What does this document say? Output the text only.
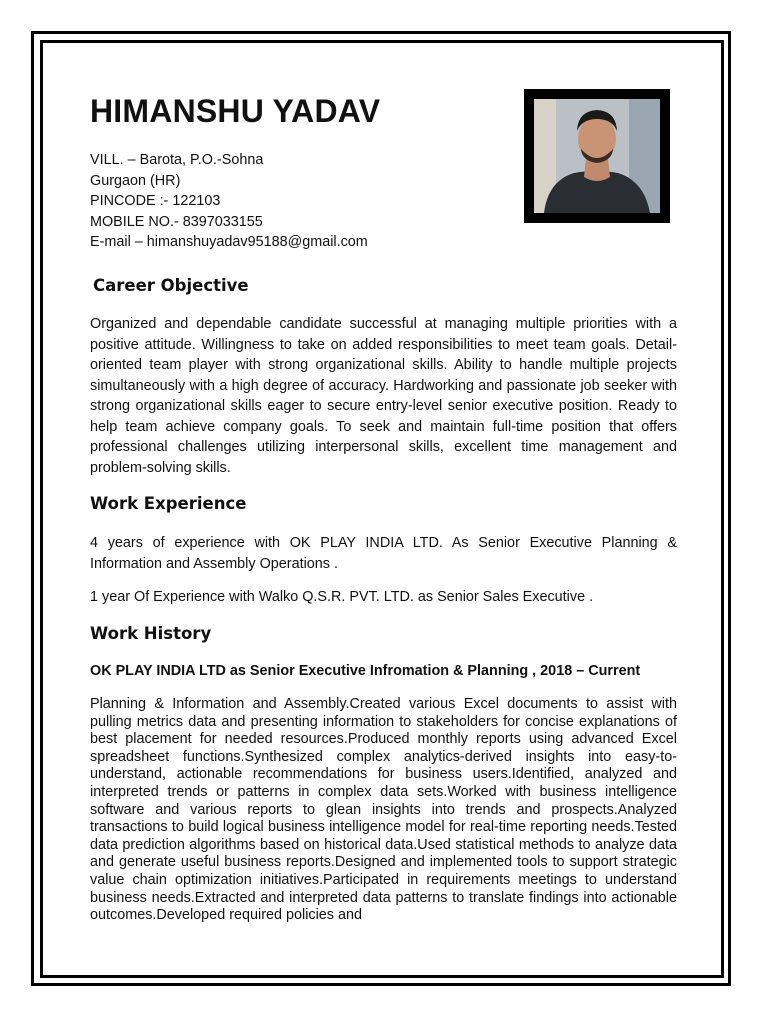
HIMANSHU YADAV
VILL. – Barota, P.O.-Sohna
Gurgaon (HR)
PINCODE :- 122103
MOBILE NO.- 8397033155
E-mail – himanshuyadav95188@gmail.com
Career Objective

Organized and dependable candidate successful at managing multiple priorities with a positive attitude. Willingness to take on added responsibilities to meet team goals. Detail-oriented team player with strong organizational skills. Ability to handle multiple projects simultaneously with a high degree of accuracy. Hardworking and passionate job seeker with strong organizational skills eager to secure entry-level senior executive position. Ready to help team achieve company goals. To seek and maintain full-time position that offers professional challenges utilizing interpersonal skills, excellent time management and problem-solving skills.

Work Experience

4 years of experience with OK PLAY INDIA LTD. As Senior Executive Planning & Information and Assembly Operations .

1 year Of Experience with Walko Q.S.R. PVT. LTD. as Senior Sales Executive .

Work History

OK PLAY INDIA LTD as Senior Executive Infromation & Planning , 2018 – Current

Planning & Information and Assembly.Created various Excel documents to assist with pulling metrics data and presenting information to stakeholders for concise explanations of best placement for needed resources.Produced monthly reports using advanced Excel spreadsheet functions.Synthesized complex analytics-derived insights into easy-to-understand, actionable recommendations for business users.Identified, analyzed and interpreted trends or patterns in complex data sets.Worked with business intelligence software and various reports to glean insights into trends and prospects.Analyzed transactions to build logical business intelligence model for real-time reporting needs.Tested data prediction algorithms based on historical data.Used statistical methods to analyze data and generate useful business reports.Designed and implemented tools to support strategic value chain optimization initiatives.Participated in requirements meetings to understand business needs.Extracted and interpreted data patterns to translate findings into actionable outcomes.Developed required policies and
